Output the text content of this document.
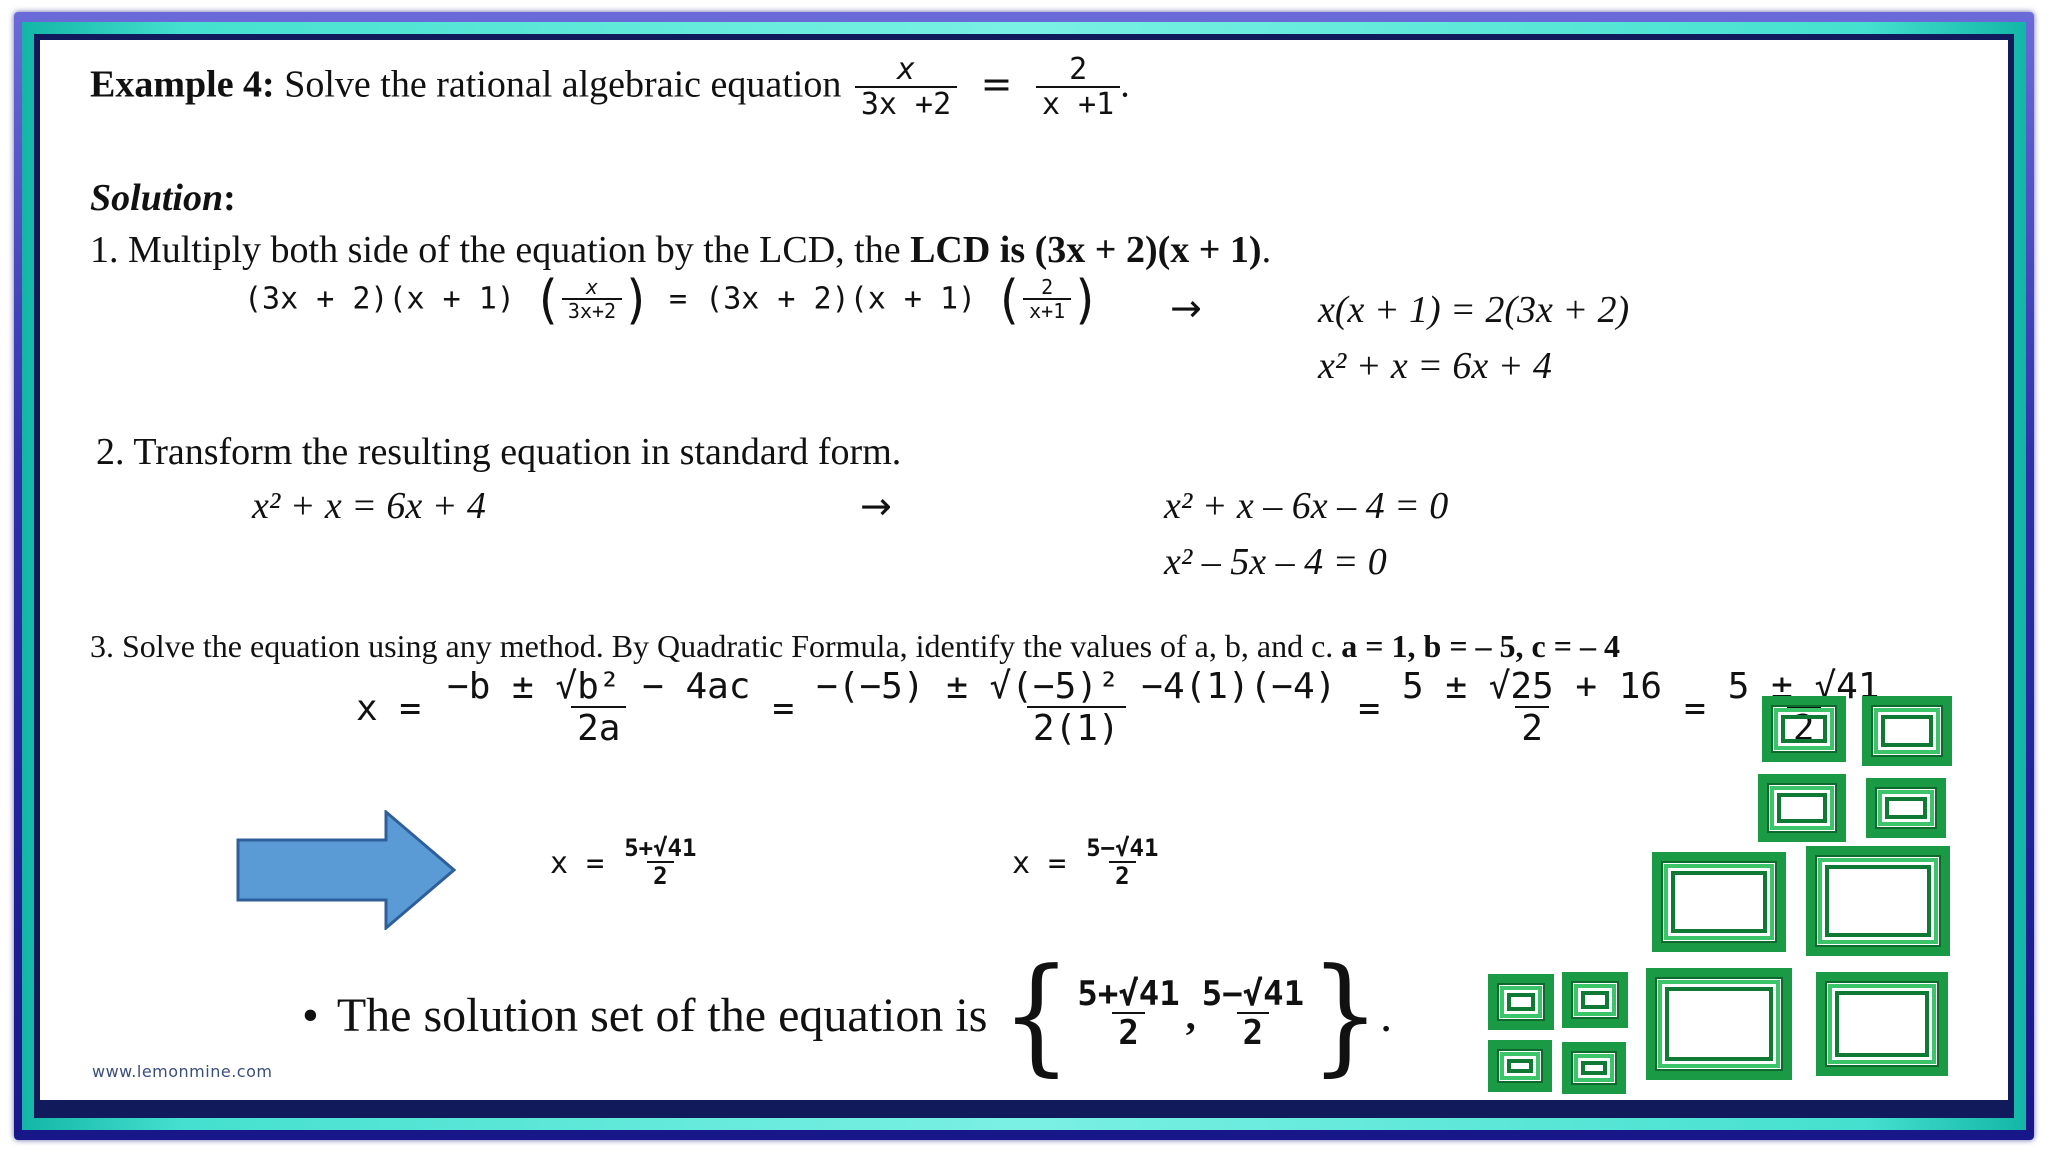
Example 4: Solve the rational algebraic equation $\frac{x}{3x +2} = \frac{2}{x +1}$ .
Solution:
1. Multiply both side of the equation by the LCD, the LCD is (3x + 2)(x + 1).
(3x + 2)(x + 1) ( $\frac{x}{3x+2}$ ) = (3x + 2)(x + 1) ( $\frac{2}{x+1}$ ) →	x(x + 1) = 2(3x + 2)
x² + x = 6x + 4
2. Transform the resulting equation in standard form.
x² + x = 6x + 4	→	x² + x – 6x – 4 = 0
x² – 5x – 4 = 0
3. Solve the equation using any method. By Quadratic Formula, identify the values of a, b, and c. a = 1, b = – 5, c = – 4
$x = \frac{\text{−b ± √b² − 4ac}}{2a} = \frac{\text{−(−5) ± √(−5)² −4(1)(−4)}}{2(1)} = \frac{5 \pm √25 + 16}{2} = \frac{5 \pm √41}{2}$
$x = \frac{5+√41}{2}$	$x = \frac{5-√41}{2}$
• The solution set of the equation is { $\frac{5+√41}{2}$ , $\frac{5-√41}{2}$ } .
www.lemonmine.com
